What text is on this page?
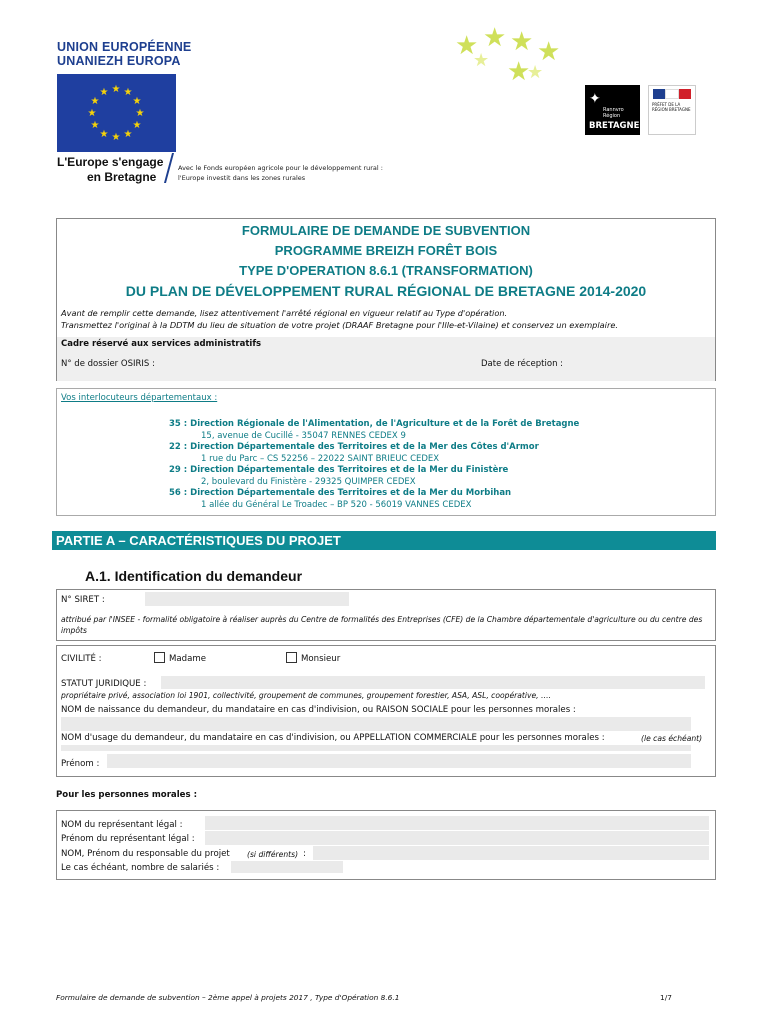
UNION EUROPÉENNE
UNANIEZH EUROPA
★ ★
★
★
★
★
★
★
★
★
★
★
L'Europe s'engage
en Bretagne
Avec le Fonds européen agricole pour le développement rural :
l'Europe investit dans les zones rurales
★ ★ ★ ★
★
★
★
✦
Rannvro
Région
BRETAGNE
PRÉFET DE LA RÉGION BRETAGNE
FORMULAIRE DE DEMANDE DE SUBVENTION
PROGRAMME BREIZH FORÊT BOIS
TYPE D'OPERATION 8.6.1 (TRANSFORMATION)
DU PLAN DE DÉVELOPPEMENT RURAL RÉGIONAL DE BRETAGNE 2014-2020
Avant de remplir cette demande, lisez attentivement l'arrêté régional en vigueur relatif au Type d'opération.
Transmettez l'original à la DDTM du lieu de situation de votre projet (DRAAF Bretagne pour l'Ille-et-Vilaine) et conservez un exemplaire.
Cadre réservé aux services administratifs
N° de dossier OSIRIS :	Date de réception :
Vos interlocuteurs départementaux :
35 : Direction Régionale de l'Alimentation, de l'Agriculture et de la Forêt de Bretagne
15, avenue de Cucillé - 35047 RENNES CEDEX 9
22 : Direction Départementale des Territoires et de la Mer des Côtes d'Armor
1 rue du Parc – CS 52256 – 22022 SAINT BRIEUC CEDEX
29 : Direction Départementale des Territoires et de la Mer du Finistère
2, boulevard du Finistère - 29325 QUIMPER CEDEX
56 : Direction Départementale des Territoires et de la Mer du Morbihan
1 allée du Général Le Troadec – BP 520 - 56019 VANNES CEDEX
PARTIE A – CARACTÉRISTIQUES DU PROJET
A.1. Identification du demandeur
N° SIRET :
attribué par l'INSEE - formalité obligatoire à réaliser auprès du Centre de formalités des Entreprises (CFE) de la Chambre départementale d'agriculture ou du centre des impôts
CIVILITÉ :	Madame	Monsieur
STATUT JURIDIQUE :
propriétaire privé, association loi 1901, collectivité, groupement de communes, groupement forestier, ASA, ASL, coopérative, ….
NOM de naissance du demandeur, du mandataire en cas d'indivision, ou RAISON SOCIALE pour les personnes morales :
NOM d'usage du demandeur, du mandataire en cas d'indivision, ou APPELLATION COMMERCIALE pour les personnes morales :	(le cas échéant)
Prénom :
Pour les personnes morales :
NOM du représentant légal :
Prénom du représentant légal :
NOM, Prénom du responsable du projet (si différents) :
Le cas échéant, nombre de salariés :
Formulaire de demande de subvention – 2ème appel à projets 2017 , Type d'Opération 8.6.1	1/7
